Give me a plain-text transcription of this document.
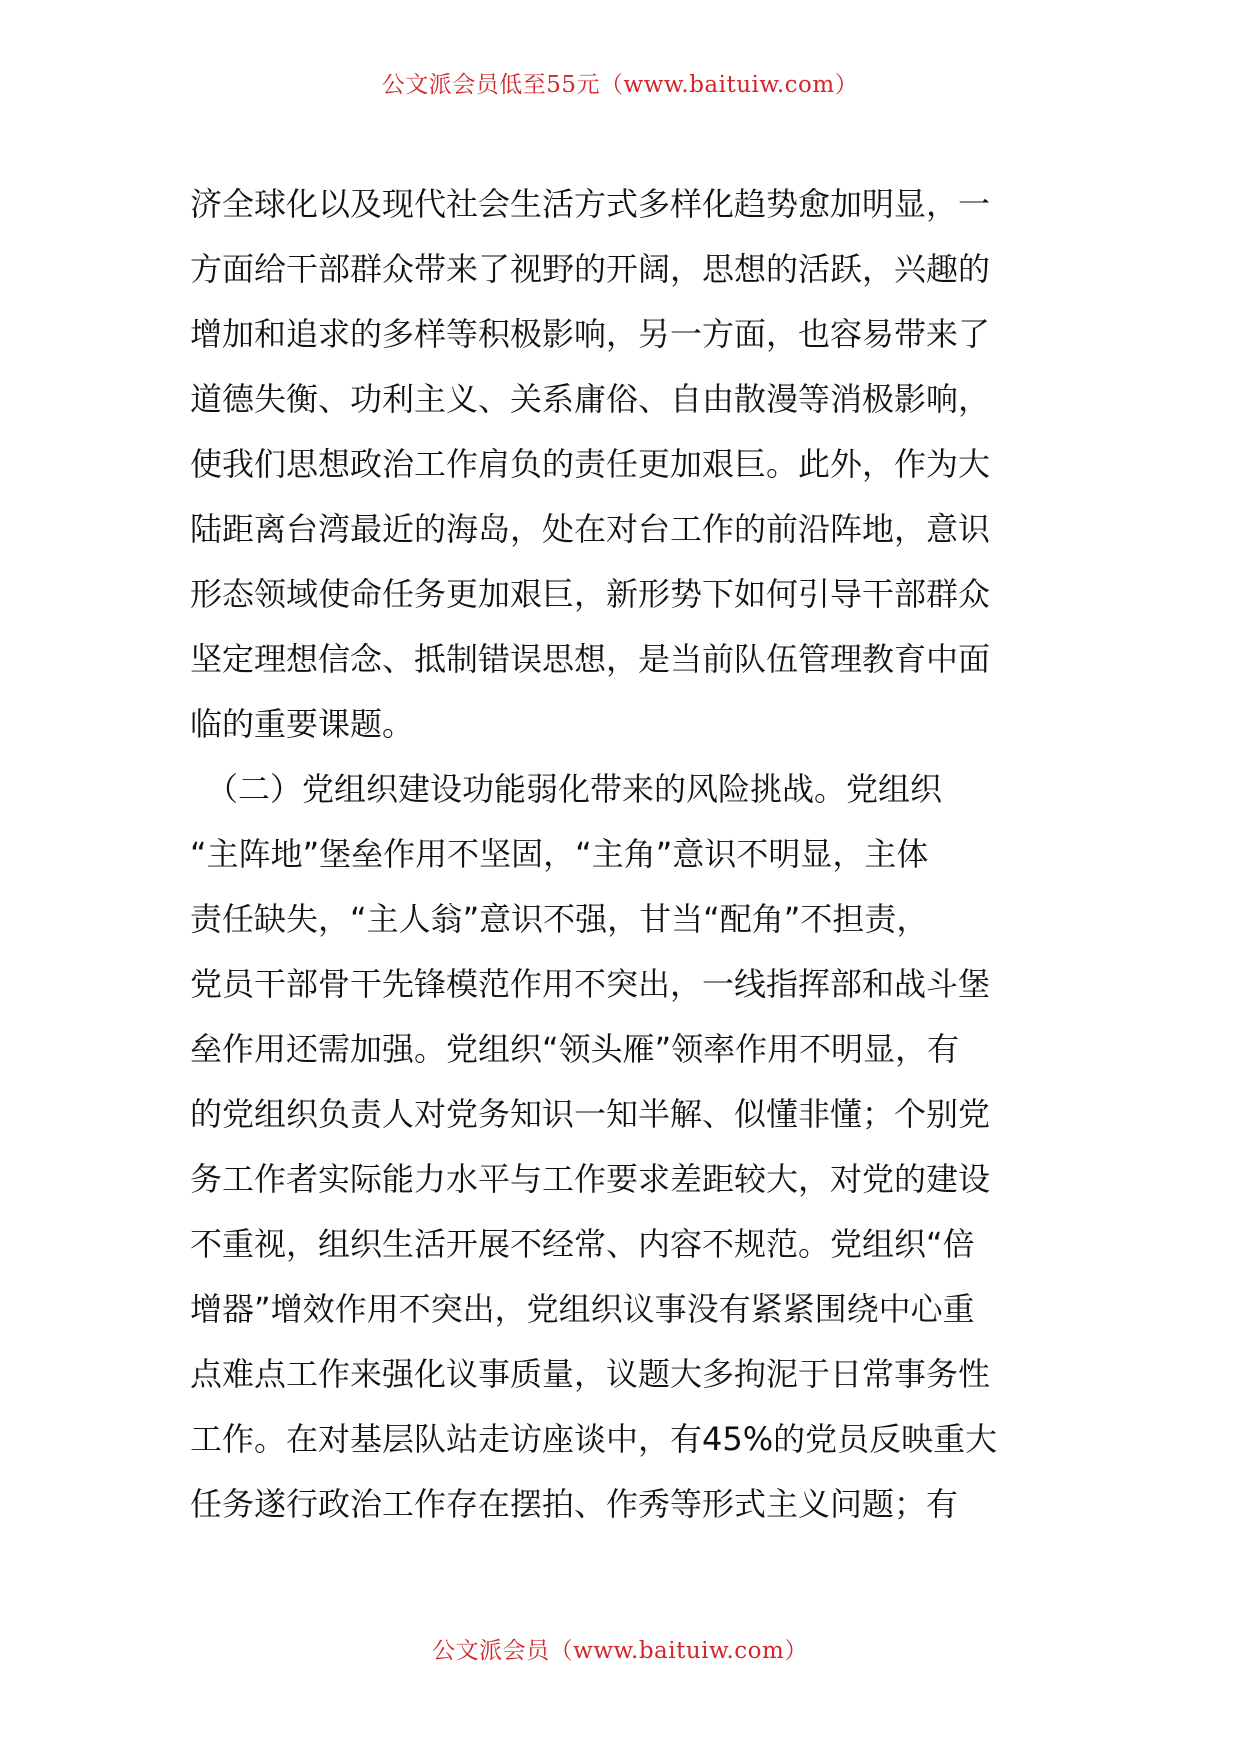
公文派会员低至55元（www.baituiw.com）
济全球化以及现代社会生活方式多样化趋势愈加明显，一
方面给干部群众带来了视野的开阔，思想的活跃，兴趣的
增加和追求的多样等积极影响，另一方面，也容易带来了
道德失衡、功利主义、关系庸俗、自由散漫等消极影响，
使我们思想政治工作肩负的责任更加艰巨。此外，作为大
陆距离台湾最近的海岛，处在对台工作的前沿阵地，意识
形态领域使命任务更加艰巨，新形势下如何引导干部群众
坚定理想信念、抵制错误思想，是当前队伍管理教育中面
临的重要课题。
　（二）党组织建设功能弱化带来的风险挑战。党组织
“主阵地”堡垒作用不坚固，“主角”意识不明显，主体
责任缺失，“主人翁”意识不强，甘当“配角”不担责，
党员干部骨干先锋模范作用不突出，一线指挥部和战斗堡
垒作用还需加强。党组织“领头雁”领率作用不明显，有
的党组织负责人对党务知识一知半解、似懂非懂；个别党
务工作者实际能力水平与工作要求差距较大，对党的建设
不重视，组织生活开展不经常、内容不规范。党组织“倍
增器”增效作用不突出，党组织议事没有紧紧围绕中心重
点难点工作来强化议事质量，议题大多拘泥于日常事务性
工作。在对基层队站走访座谈中，有45%的党员反映重大
任务遂行政治工作存在摆拍、作秀等形式主义问题；有
公文派会员（www.baituiw.com）
